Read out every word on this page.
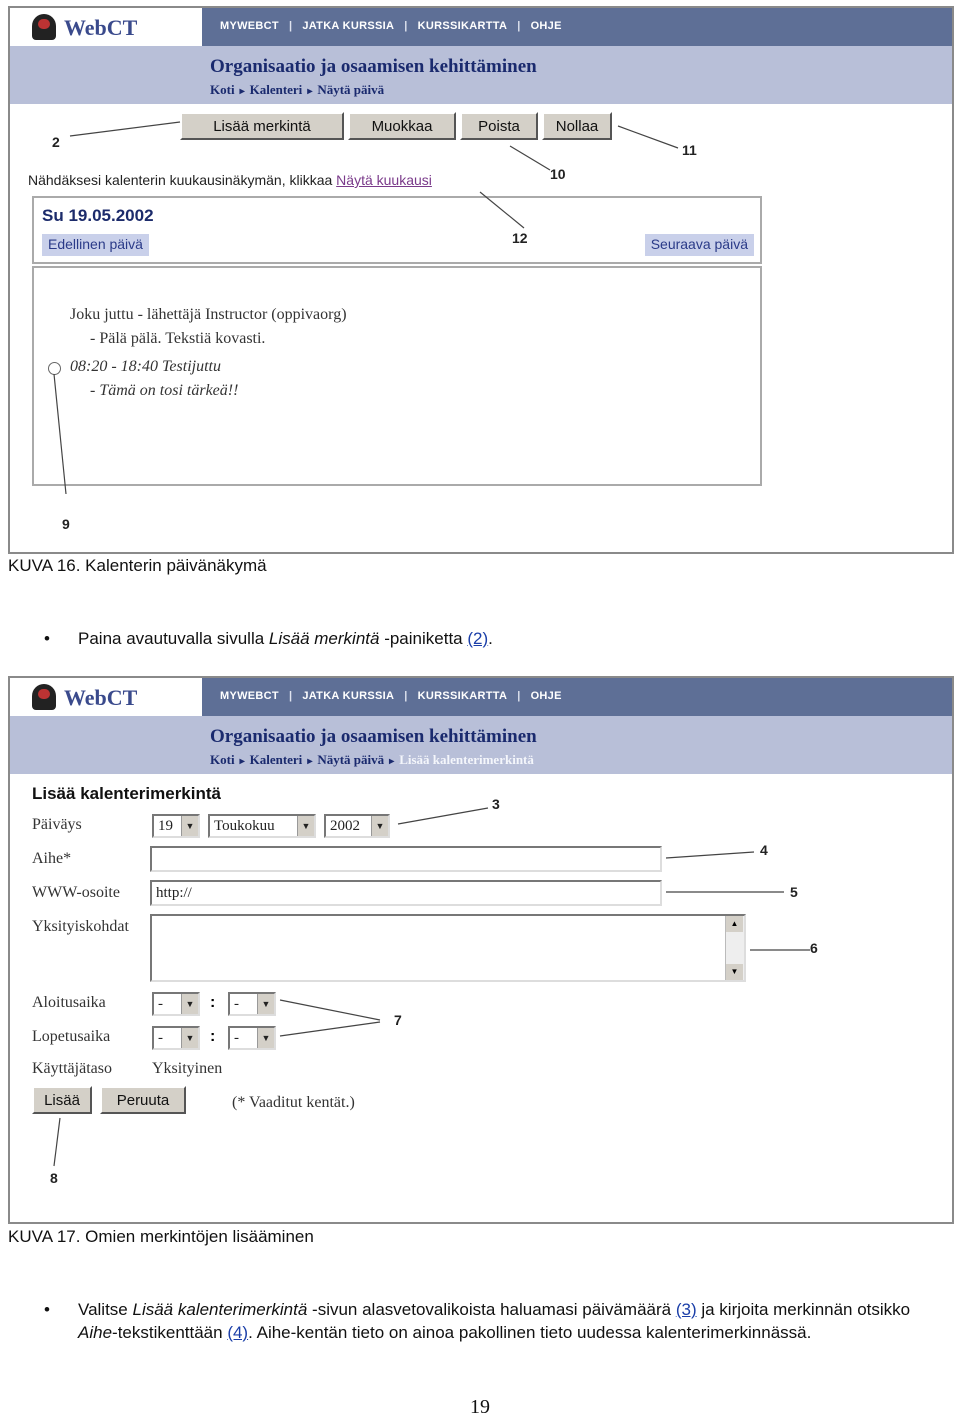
WebCT	MYWEBCT | JATKA KURSSIA | KURSSIKARTTA | OHJE
Organisaatio ja osaamisen kehittäminen
Koti ▸ Kalenteri ▸ Näytä päivä
Lisää merkintä	Muokkaa	Poista	Nollaa
Nähdäksesi kalenterin kuukausinäkymän, klikkaa Näytä kuukausi
Su 19.05.2002
Edellinen päivä	Seuraava päivä
Joku juttu - lähettäjä Instructor (oppivaorg)
- Pälä pälä. Tekstiä kovasti.
08:20 - 18:40 Testijuttu
- Tämä on tosi tärkeä!!
2
10
11
12
9
KUVA 16. Kalenterin päivänäkymä
• Paina avautuvalla sivulla Lisää merkintä -painiketta (2).
WebCT	MYWEBCT | JATKA KURSSIA | KURSSIKARTTA | OHJE
Organisaatio ja osaamisen kehittäminen
Koti ▸ Kalenteri ▸ Näytä päivä ▸ Lisää kalenterimerkintä
Lisää kalenterimerkintä
Päiväys	19	▼	Toukokuu	▼	2002	▼
Aihe*
WWW-osoite	http://
Yksityiskohdat	▲
▼
Aloitusaika	-	▼ :	-	▼
Lopetusaika	-	▼ :	-	▼
Käyttäjätaso	Yksityinen
Lisää	Peruuta	(* Vaaditut kentät.)
3
4
5
6
7
8
KUVA 17. Omien merkintöjen lisääminen
• Valitse Lisää kalenterimerkintä -sivun alasvetovalikoista haluamasi päivämäärä (3) ja kirjoita merkinnän otsikko Aihe-tekstikenttään (4). Aihe-kentän tieto on ainoa pakollinen tieto uudessa kalenterimerkinnässä.
19
